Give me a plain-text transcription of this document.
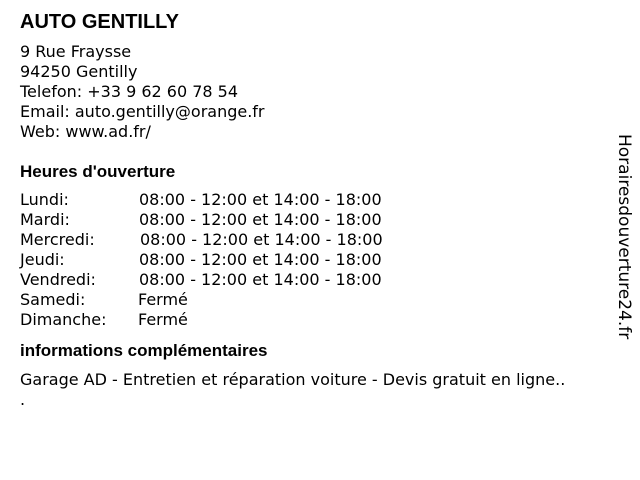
AUTO GENTILLY
9 Rue Fraysse
94250 Gentilly
Telefon: +33 9 62 60 78 54
Email: auto.gentilly@orange.fr
Web: www.ad.fr/
Heures d'ouverture
Lundi:	08:00 - 12:00 et 14:00 - 18:00
Mardi:	08:00 - 12:00 et 14:00 - 18:00
Mercredi:	08:00 - 12:00 et 14:00 - 18:00
Jeudi:	08:00 - 12:00 et 14:00 - 18:00
Vendredi:	08:00 - 12:00 et 14:00 - 18:00
Samedi:	Fermé
Dimanche: Fermé
informations complémentaires
Garage AD - Entretien et réparation voiture - Devis gratuit en ligne..
.
Horairesdouverture24.fr
